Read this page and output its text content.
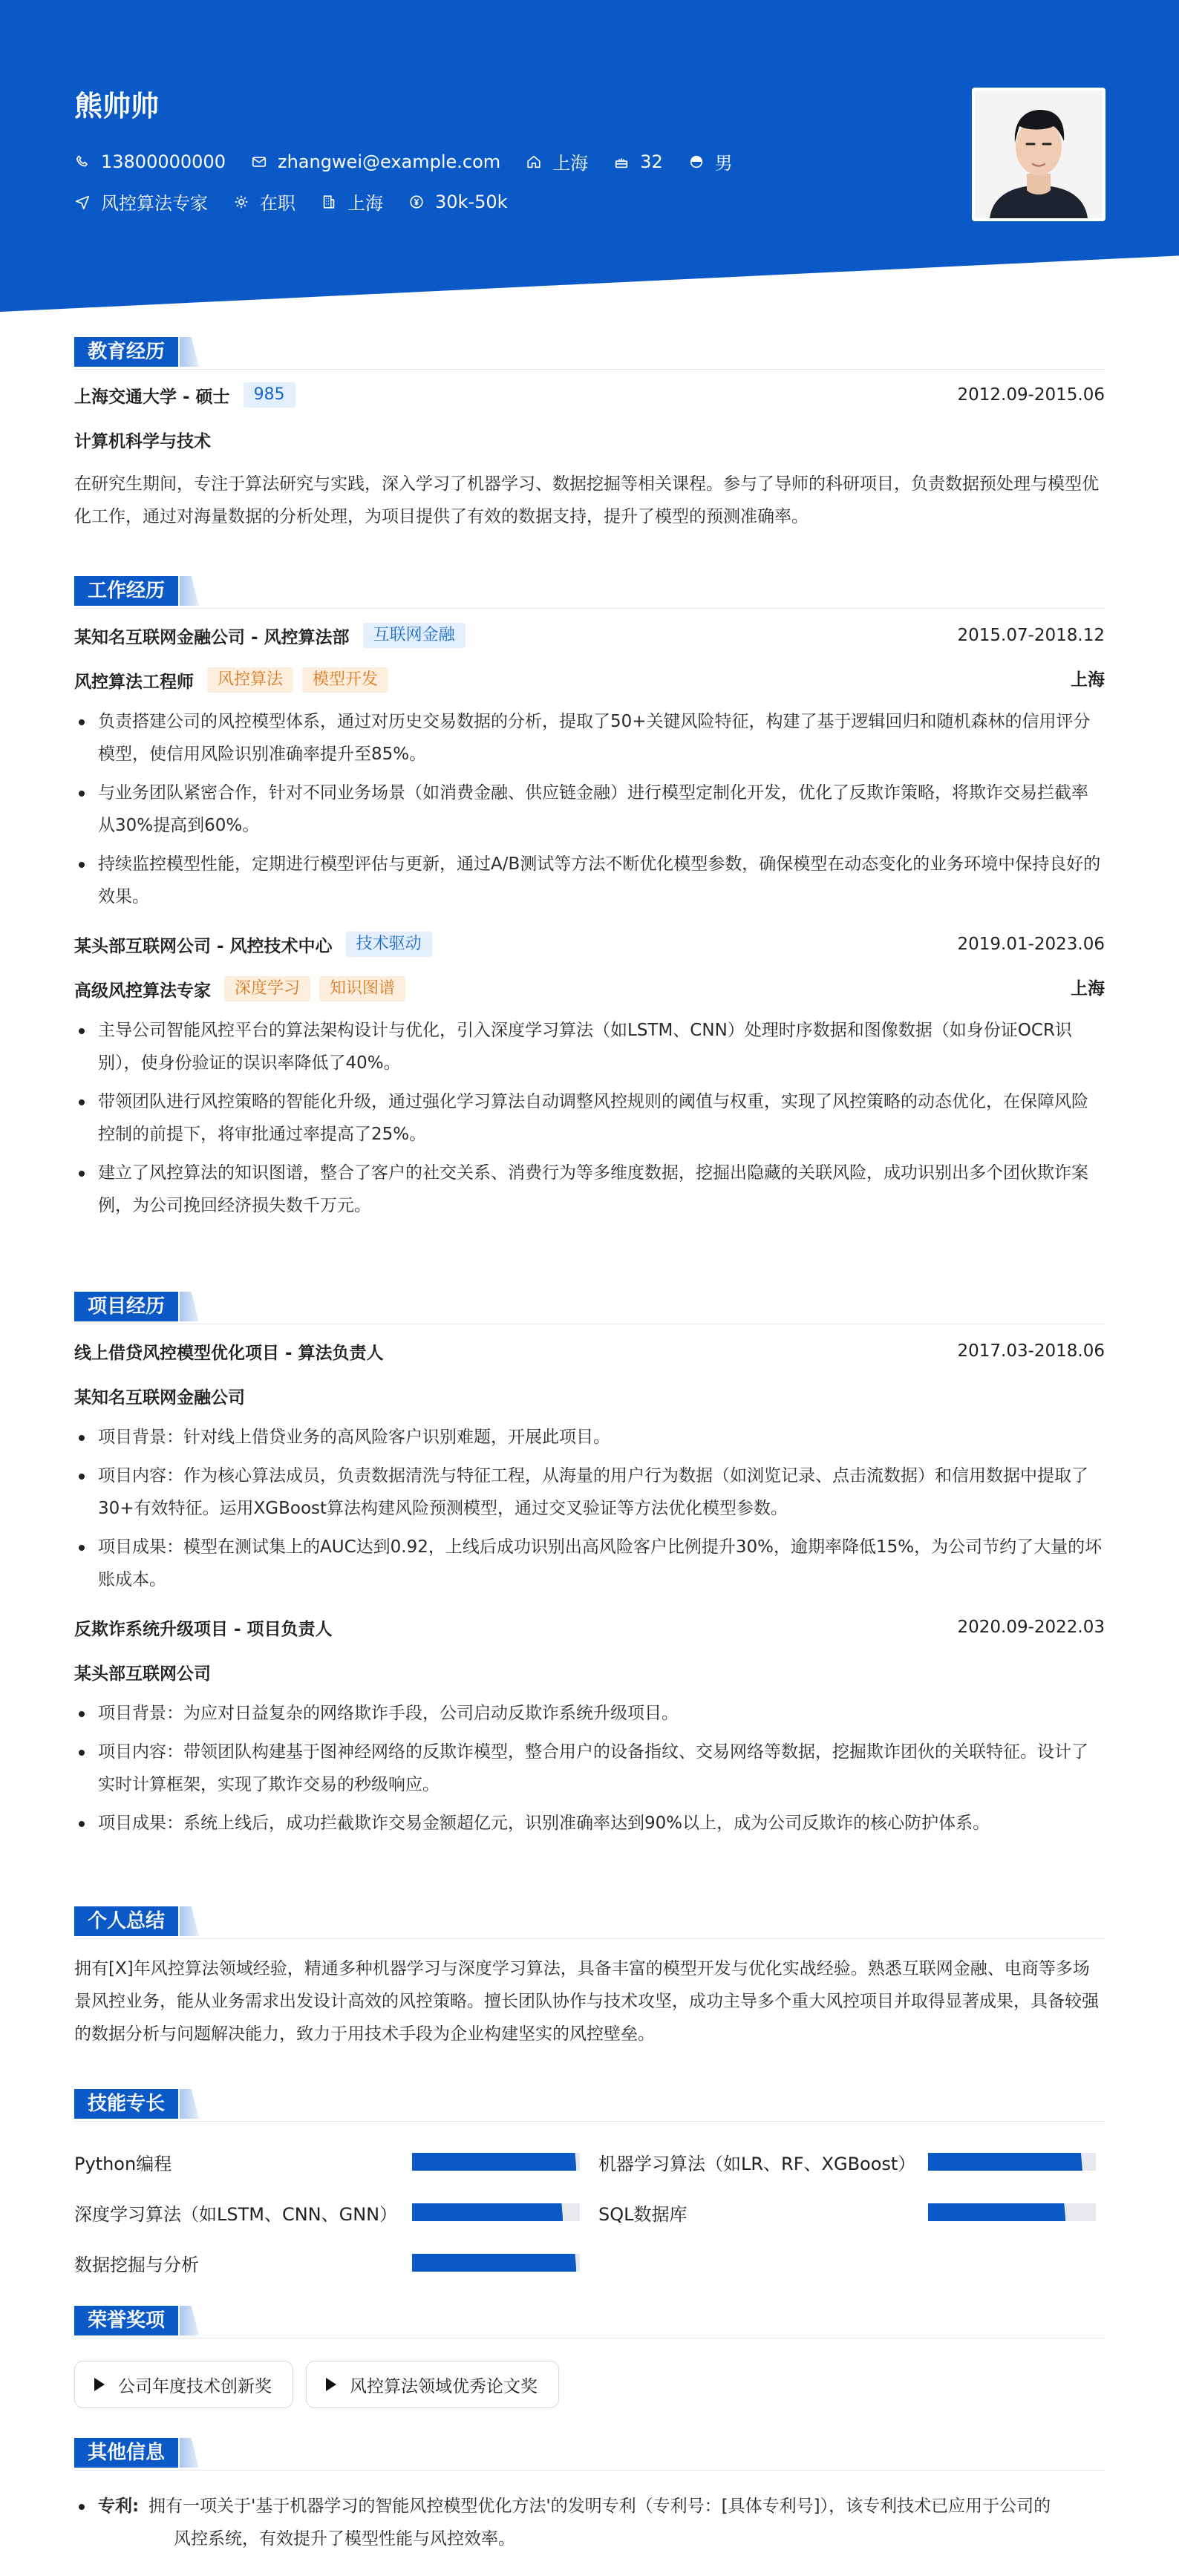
熊帅帅
13800000000	zhangwei@example.com	上海	32	男
风控算法专家	在职	上海	30k-50k
教育经历
上海交通大学 - 硕士	985	2012.09-2015.06
计算机科学与技术
在研究生期间，专注于算法研究与实践，深入学习了机器学习、数据挖掘等相关课程。参与了导师的科研项目，负责数据预处理与模型优化工作，通过对海量数据的分析处理，为项目提供了有效的数据支持，提升了模型的预测准确率。
工作经历
某知名互联网金融公司 - 风控算法部	互联网金融	2015.07-2018.12
风控算法工程师	风控算法	模型开发	上海
负责搭建公司的风控模型体系，通过对历史交易数据的分析，提取了50+关键风险特征，构建了基于逻辑回归和随机森林的信用评分模型，使信用风险识别准确率提升至85%。
与业务团队紧密合作，针对不同业务场景（如消费金融、供应链金融）进行模型定制化开发，优化了反欺诈策略，将欺诈交易拦截率从30%提高到60%。
持续监控模型性能，定期进行模型评估与更新，通过A/B测试等方法不断优化模型参数，确保模型在动态变化的业务环境中保持良好的效果。
某头部互联网公司 - 风控技术中心	技术驱动	2019.01-2023.06
高级风控算法专家	深度学习	知识图谱	上海
主导公司智能风控平台的算法架构设计与优化，引入深度学习算法（如LSTM、CNN）处理时序数据和图像数据（如身份证OCR识别），使身份验证的误识率降低了40%。
带领团队进行风控策略的智能化升级，通过强化学习算法自动调整风控规则的阈值与权重，实现了风控策略的动态优化，在保障风险控制的前提下，将审批通过率提高了25%。
建立了风控算法的知识图谱，整合了客户的社交关系、消费行为等多维度数据，挖掘出隐藏的关联风险，成功识别出多个团伙欺诈案例，为公司挽回经济损失数千万元。
项目经历
线上借贷风控模型优化项目 - 算法负责人	2017.03-2018.06
某知名互联网金融公司
项目背景：针对线上借贷业务的高风险客户识别难题，开展此项目。
项目内容：作为核心算法成员，负责数据清洗与特征工程，从海量的用户行为数据（如浏览记录、点击流数据）和信用数据中提取了30+有效特征。运用XGBoost算法构建风险预测模型，通过交叉验证等方法优化模型参数。
项目成果：模型在测试集上的AUC达到0.92，上线后成功识别出高风险客户比例提升30%，逾期率降低15%，为公司节约了大量的坏账成本。
反欺诈系统升级项目 - 项目负责人	2020.09-2022.03
某头部互联网公司
项目背景：为应对日益复杂的网络欺诈手段，公司启动反欺诈系统升级项目。
项目内容：带领团队构建基于图神经网络的反欺诈模型，整合用户的设备指纹、交易网络等数据，挖掘欺诈团伙的关联特征。设计了实时计算框架，实现了欺诈交易的秒级响应。
项目成果：系统上线后，成功拦截欺诈交易金额超亿元，识别准确率达到90%以上，成为公司反欺诈的核心防护体系。
个人总结
拥有[X]年风控算法领域经验，精通多种机器学习与深度学习算法，具备丰富的模型开发与优化实战经验。熟悉互联网金融、电商等多场景风控业务，能从业务需求出发设计高效的风控策略。擅长团队协作与技术攻坚，成功主导多个重大风控项目并取得显著成果，具备较强的数据分析与问题解决能力，致力于用技术手段为企业构建坚实的风控壁垒。
技能专长
Python编程	机器学习算法（如LR、RF、XGBoost）
深度学习算法（如LSTM、CNN、GNN）	SQL数据库
数据挖掘与分析
荣誉奖项
公司年度技术创新奖	风控算法领域优秀论文奖
其他信息
专利: 拥有一项关于'基于机器学习的智能风控模型优化方法'的发明专利（专利号：[具体专利号]），该专利技术已应用于公司的
风控系统，有效提升了模型性能与风控效率。
